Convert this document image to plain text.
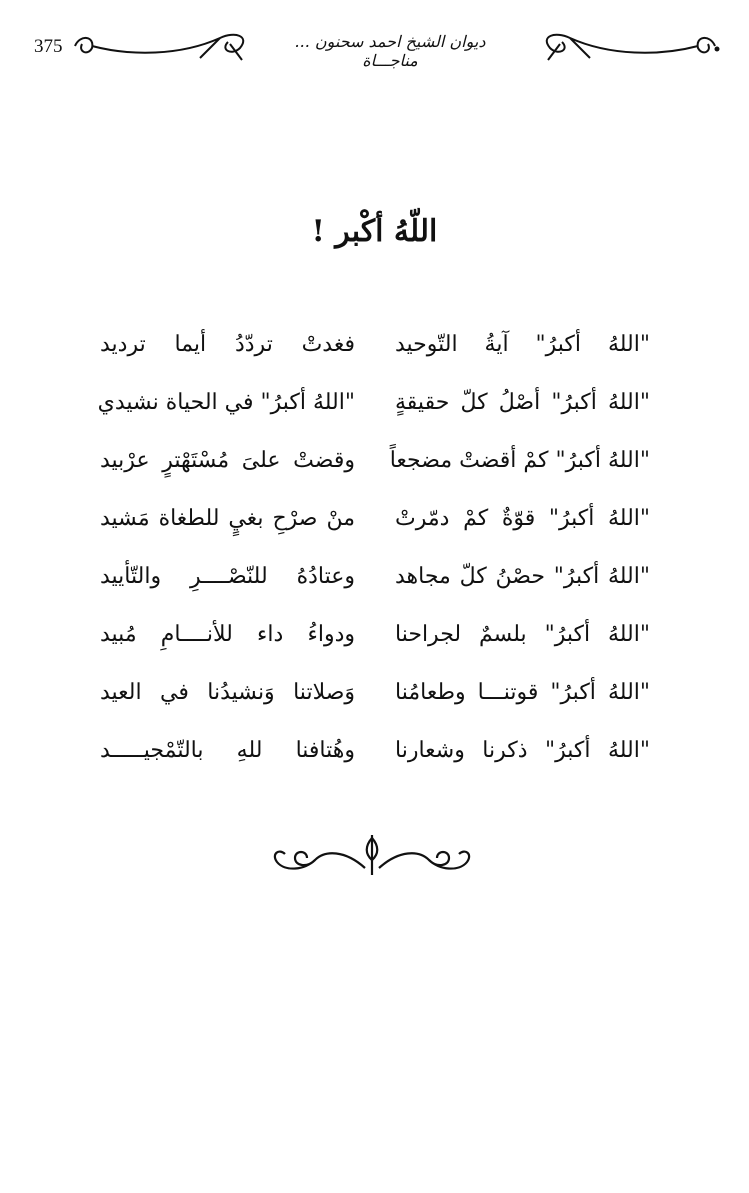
375	ديوان الشيخ احمد سحنون ... مناجـــاة
اللّهُ أكْبر !
"اللهُ أكبرُ" آيةُ التّوحيد
فغدتْ تردّدُ أيما ترديد
"اللهُ أكبرُ" أصْلُ كلّ حقيقةٍ
"اللهُ أكبرُ" في الحياة نشيدي
"اللهُ أكبرُ" كمْ أقضتْ مضجعاً
وقضتْ علىَ مُسْتَهْترٍ عرْبيد
"اللهُ أكبرُ" قوّةٌ كمْ دمّرتْ
منْ صرْحِ بغيٍ للطغاة مَشيد
"اللهُ أكبرُ" حصْنُ كلّ مجاهد
وعتادُهُ للنّصْــــرِ والتّأييد
"اللهُ أكبرُ" بلسمٌ لجراحنا
ودواءُ داء للأنــــامِ مُبيد
"اللهُ أكبرُ" قوتنـــا وطعامُنا
وَصلاتنا وَنشيدُنا في العيد
"اللهُ أكبرُ" ذكرنا وشعارنا
وهُتافنا للهِ بالتّمْجيـــــد
